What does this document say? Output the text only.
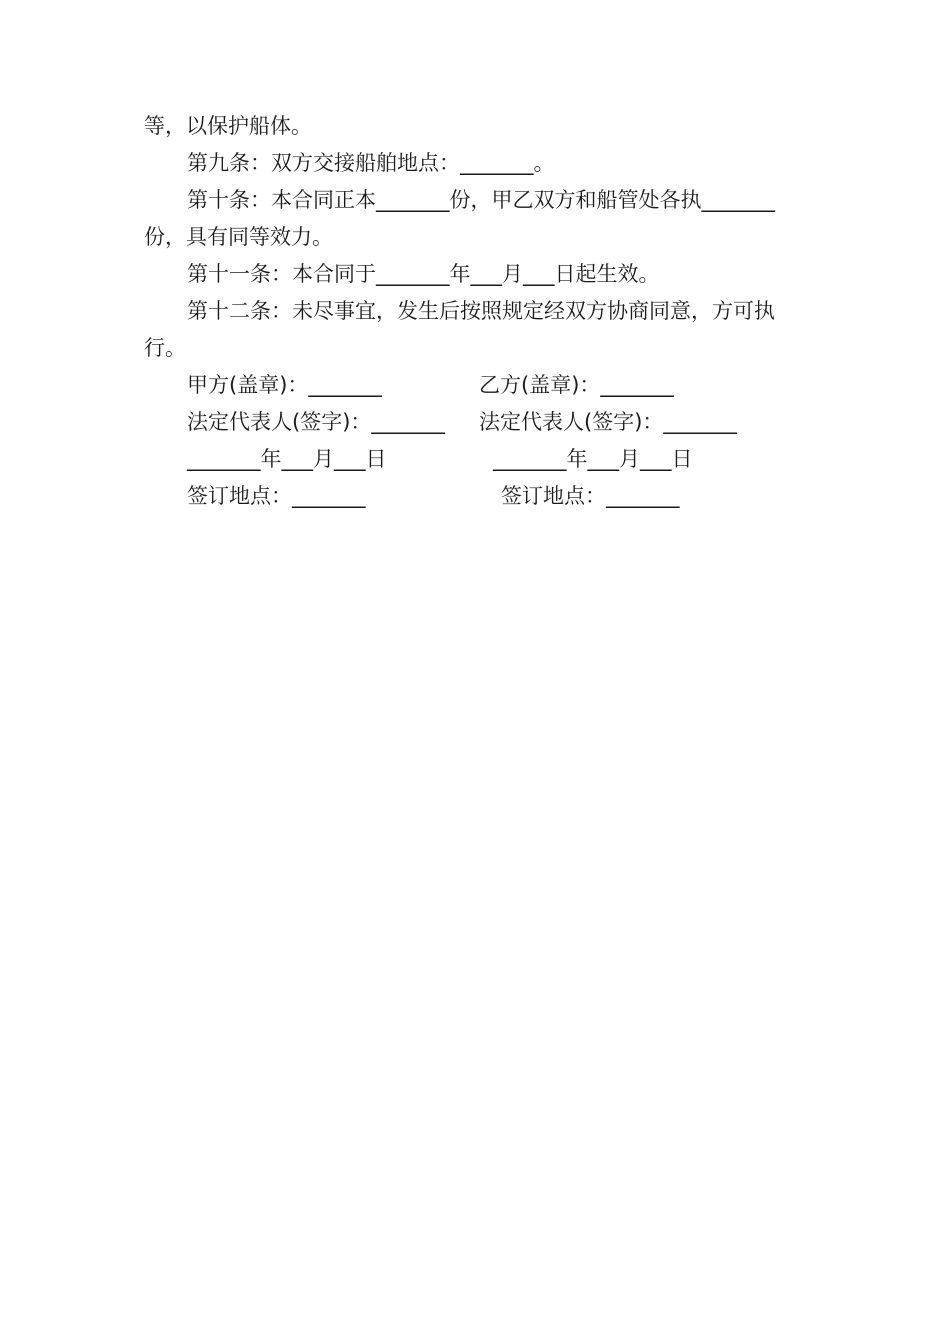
等，以保护船体。
第九条：双方交接船舶地点：_______。
第十条：本合同正本_______份，甲乙双方和船管处各执_______
份，具有同等效力。
第十一条：本合同于_______年___月___日起生效。
第十二条：未尽事宜，发生后按照规定经双方协商同意，方可执
行。
甲方(盖章)：_______	乙方(盖章)：_______
法定代表人(签字)：_______ 法定代表人(签字)：_______
_______年___月___日	_______年___月___日
签订地点：_______	签订地点：_______
